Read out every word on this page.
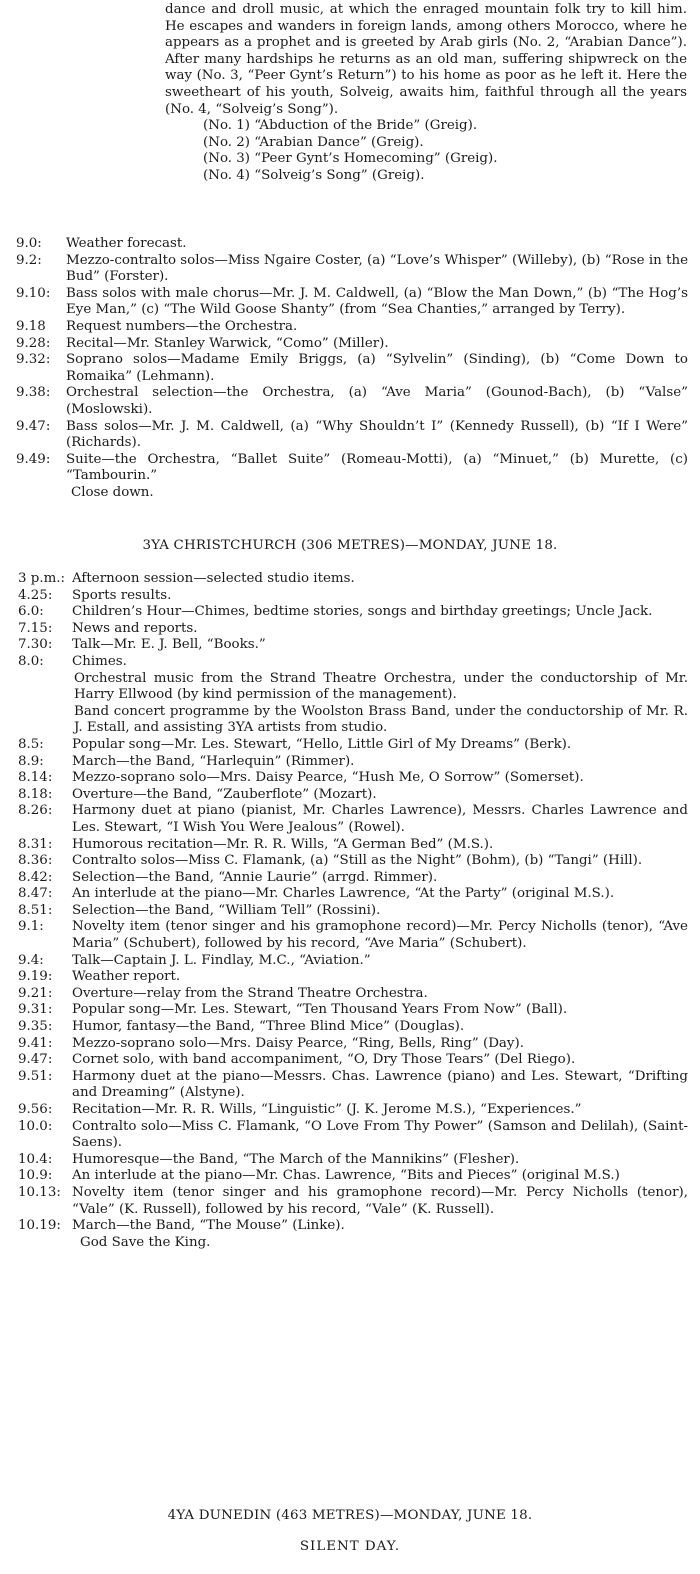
dance and droll music, at which the enraged mountain folk try to kill him. He escapes and wanders in foreign lands, among others Morocco, where he appears as a prophet and is greeted by Arab girls (No. 2, “Arabian Dance”). After many hardships he returns as an old man, suffering shipwreck on the way (No. 3, “Peer Gynt’s Return”) to his home as poor as he left it. Here the sweetheart of his youth, Solveig, awaits him, faithful through all the years (No. 4, “Solveig’s Song”).

(No. 1) “Abduction of the Bride” (Greig).
(No. 2) “Arabian Dance” (Greig).
(No. 3) “Peer Gynt’s Homecoming” (Greig).
(No. 4) “Solveig’s Song” (Greig).
9.0:	Weather forecast.
9.2:	Mezzo-contralto solos—Miss Ngaire Coster, (a) “Love’s Whisper” (Willeby), (b) “Rose in the Bud” (Forster).
9.10:	Bass solos with male chorus—Mr. J. M. Caldwell, (a) “Blow the Man Down,” (b) “The Hog’s Eye Man,” (c) “The Wild Goose Shanty” (from “Sea Chanties,” arranged by Terry).
9.18	Request numbers—the Orchestra.
9.28:	Recital—Mr. Stanley Warwick, “Como” (Miller).
9.32:	Soprano solos—Madame Emily Briggs, (a) “Sylvelin” (Sinding), (b) “Come Down to Romaika” (Lehmann).
9.38:	Orchestral selection—the Orchestra, (a) “Ave Maria” (Gounod-Bach), (b) “Valse” (Moslowski).
9.47:	Bass solos—Mr. J. M. Caldwell, (a) “Why Shouldn’t I” (Kennedy Russell), (b) “If I Were” (Richards).
9.49:	Suite—the Orchestra, “Ballet Suite” (Romeau-Motti), (a) “Minuet,” (b) Murette, (c) “Tambourin.”
Close down.
3YA CHRISTCHURCH (306 METRES)—MONDAY, JUNE 18.
3 p.m.: Afternoon session—selected studio items.
4.25:	Sports results.
6.0:	Children’s Hour—Chimes, bedtime stories, songs and birthday greetings; Uncle Jack.
7.15:	News and reports.
7.30:	Talk—Mr. E. J. Bell, “Books.”
8.0:	Chimes.
Orchestral music from the Strand Theatre Orchestra, under the conductorship of Mr. Harry Ellwood (by kind permission of the management).
Band concert programme by the Woolston Brass Band, under the conductorship of Mr. R. J. Estall, and assisting 3YA artists from studio.
8.5:	Popular song—Mr. Les. Stewart, “Hello, Little Girl of My Dreams” (Berk).
8.9:	March—the Band, “Harlequin” (Rimmer).
8.14:	Mezzo-soprano solo—Mrs. Daisy Pearce, “Hush Me, O Sorrow” (Somerset).
8.18:	Overture—the Band, “Zauberflote” (Mozart).
8.26:	Harmony duet at piano (pianist, Mr. Charles Lawrence), Messrs. Charles Lawrence and Les. Stewart, “I Wish You Were Jealous” (Rowel).
8.31:	Humorous recitation—Mr. R. R. Wills, “A German Bed” (M.S.).
8.36:	Contralto solos—Miss C. Flamank, (a) “Still as the Night” (Bohm), (b) “Tangi” (Hill).
8.42:	Selection—the Band, “Annie Laurie” (arrgd. Rimmer).
8.47:	An interlude at the piano—Mr. Charles Lawrence, “At the Party” (original M.S.).
8.51:	Selection—the Band, “William Tell” (Rossini).
9.1:	Novelty item (tenor singer and his gramophone record)—Mr. Percy Nicholls (tenor), “Ave Maria” (Schubert), followed by his record, “Ave Maria” (Schubert).
9.4:	Talk—Captain J. L. Findlay, M.C., “Aviation.”
9.19:	Weather report.
9.21:	Overture—relay from the Strand Theatre Orchestra.
9.31:	Popular song—Mr. Les. Stewart, “Ten Thousand Years From Now” (Ball).
9.35:	Humor, fantasy—the Band, “Three Blind Mice” (Douglas).
9.41:	Mezzo-soprano solo—Mrs. Daisy Pearce, “Ring, Bells, Ring” (Day).
9.47:	Cornet solo, with band accompaniment, “O, Dry Those Tears” (Del Riego).
9.51:	Harmony duet at the piano—Messrs. Chas. Lawrence (piano) and Les. Stewart, “Drifting and Dreaming” (Alstyne).
9.56:	Recitation—Mr. R. R. Wills, “Linguistic” (J. K. Jerome M.S.), “Experiences.”
10.0:	Contralto solo—Miss C. Flamank, “O Love From Thy Power” (Samson and Delilah), (Saint-Saens).
10.4:	Humoresque—the Band, “The March of the Mannikins” (Flesher).
10.9:	An interlude at the piano—Mr. Chas. Lawrence, “Bits and Pieces” (original M.S.)
10.13: Novelty item (tenor singer and his gramophone record)—Mr. Percy Nicholls (tenor), “Vale” (K. Russell), followed by his record, “Vale” (K. Russell).
10.19: March—the Band, “The Mouse” (Linke).
God Save the King.
4YA DUNEDIN (463 METRES)—MONDAY, JUNE 18.
SILENT DAY.
